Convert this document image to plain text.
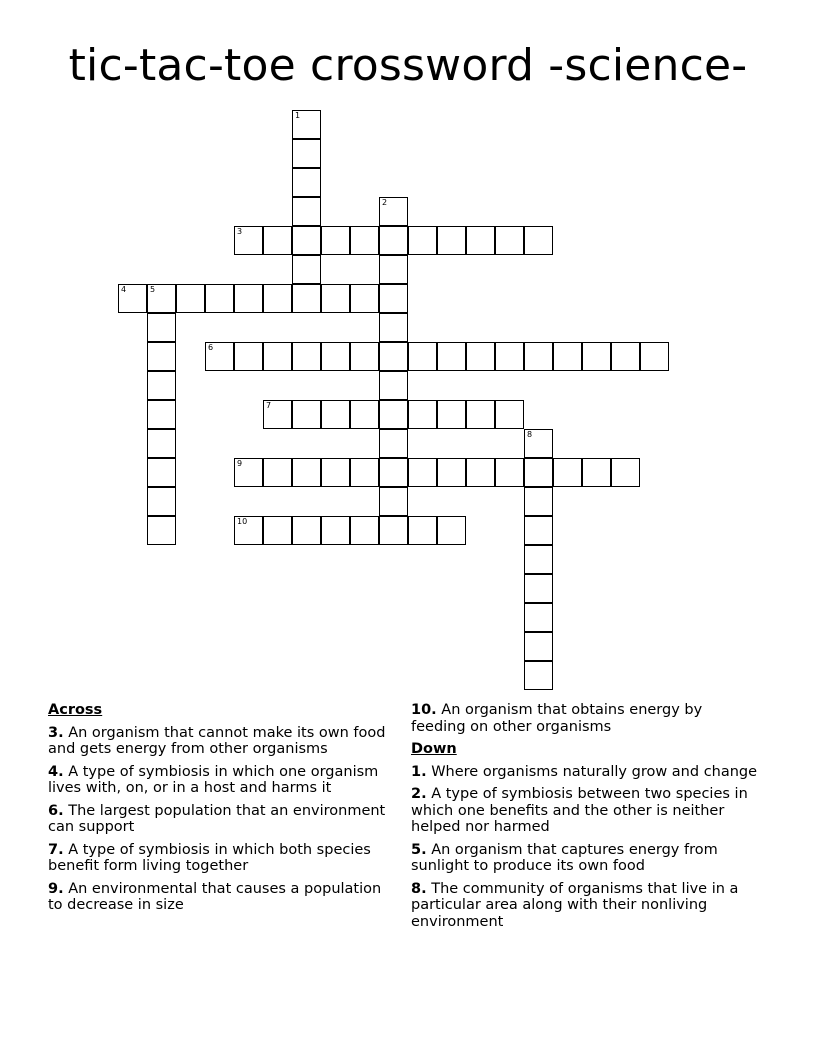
tic-tac-toe crossword -science-
1
2
3
4	5
6
7
8
9
10
Across
3. An organism that cannot make its own food and gets energy from other organisms
4. A type of symbiosis in which one organism lives with, on, or in a host and harms it
6. The largest population that an environment can support
7. A type of symbiosis in which both species benefit form living together
9. An environmental that causes a population to decrease in size
10. An organism that obtains energy by feeding on other organisms
Down
1. Where organisms naturally grow and change
2. A type of symbiosis between two species in which one benefits and the other is neither helped nor harmed
5. An organism that captures energy from sunlight to produce its own food
8. The community of organisms that live in a particular area along with their nonliving environment
